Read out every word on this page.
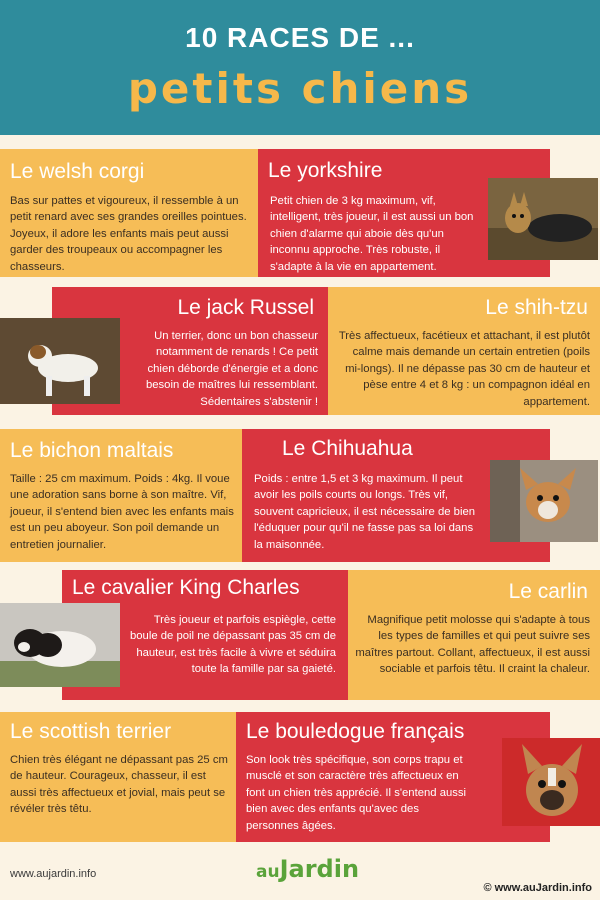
10 RACES DE ...
petits chiens
Le welsh corgi
Bas sur pattes et vigoureux, il ressemble à un petit renard avec ses grandes oreilles pointues. Joyeux, il adore les enfants mais peut aussi garder des troupeaux ou accompagner les chasseurs.
Le yorkshire
Petit chien de 3 kg maximum, vif, intelligent, très joueur, il est aussi un bon chien d'alarme qui aboie dès qu'un inconnu approche. Très robuste, il s'adapte à la vie en appartement.
Le jack Russel
Un terrier, donc un bon chasseur notamment de renards ! Ce petit chien déborde d'énergie et a donc besoin de maîtres lui ressemblant. Sédentaires s'abstenir !
Le shih-tzu
Très affectueux, facétieux et attachant, il est plutôt calme mais demande un certain entretien (poils mi-longs). Il ne dépasse pas 30 cm de hauteur et pèse entre 4 et 8 kg : un compagnon idéal en appartement.
Le bichon maltais
Taille : 25 cm maximum. Poids : 4kg. Il voue une adoration sans borne à son maître. Vif, joueur, il s'entend bien avec les enfants mais est un peu aboyeur. Son poil demande un entretien journalier.
Le Chihuahua
Poids : entre 1,5 et 3 kg maximum. Il peut avoir les poils courts ou longs. Très vif, souvent capricieux, il est nécessaire de bien l'éduquer pour qu'il ne fasse pas sa loi dans la maisonnée.
Le cavalier King Charles
Très joueur et parfois espiègle, cette boule de poil ne dépassant pas 35 cm de hauteur, est très facile à vivre et séduira toute la famille par sa gaieté.
Le carlin
Magnifique petit molosse qui s'adapte à tous les types de familles et qui peut suivre ses maîtres partout. Collant, affectueux, il est aussi sociable et parfois têtu. Il craint la chaleur.
Le scottish terrier
Chien très élégant ne dépassant pas 25 cm de hauteur. Courageux, chasseur, il est aussi très affectueux et jovial, mais peut se révéler très têtu.
Le bouledogue français
Son look très spécifique, son corps trapu et musclé et son caractère très affectueux en font un chien très apprécié. Il s'entend aussi bien avec des enfants qu'avec des personnes âgées.
www.aujardin.info	auJardin
© www.auJardin.info
